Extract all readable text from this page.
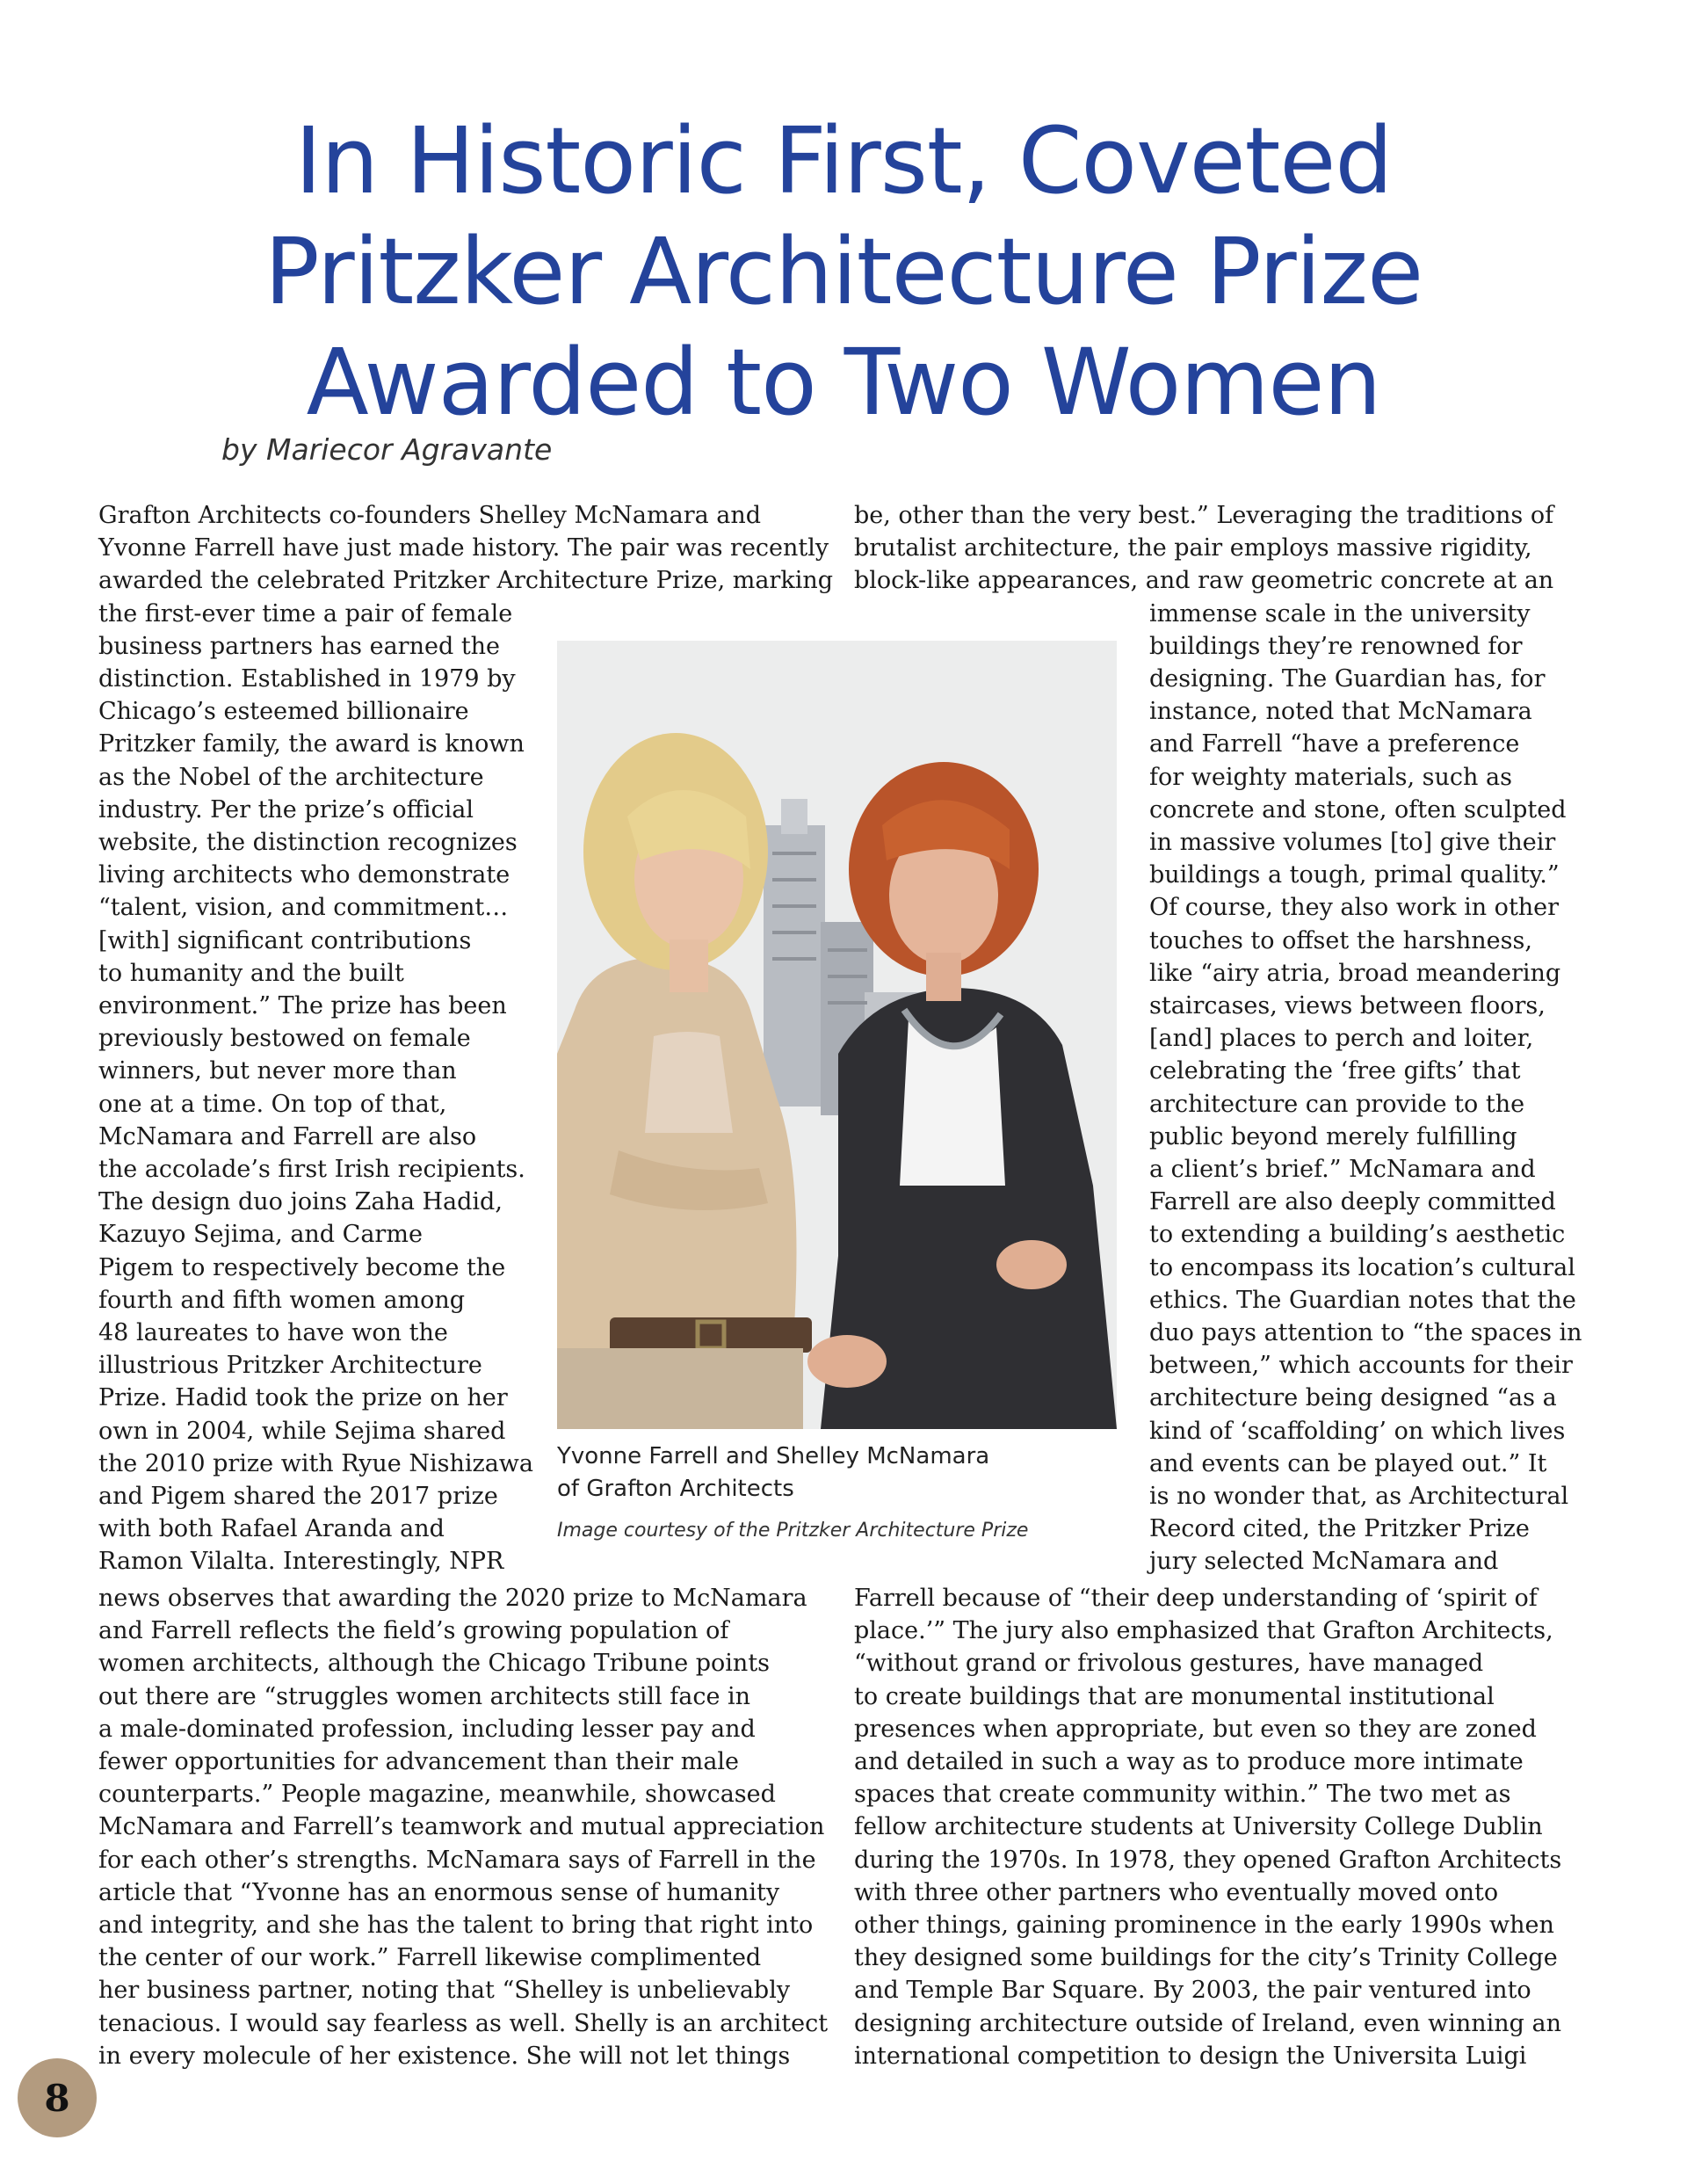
In Historic First, Coveted
Pritzker Architecture Prize
Awarded to Two Women
by Mariecor Agravante
Yvonne Farrell and Shelley McNamara
of Grafton Architects
Image courtesy of the Pritzker Architecture Prize
8
Grafton Architects co-founders Shelley McNamara and
Yvonne Farrell have just made history. The pair was recently
awarded the celebrated Pritzker Architecture Prize, marking
be, other than the very best.” Leveraging the traditions of
brutalist architecture, the pair employs massive rigidity,
block-like appearances, and raw geometric concrete at an
the first-ever time a pair of female
business partners has earned the
distinction. Established in 1979 by
Chicago’s esteemed billionaire
Pritzker family, the award is known
as the Nobel of the architecture
industry. Per the prize’s official
website, the distinction recognizes
living architects who demonstrate
“talent, vision, and commitment…
[with] significant contributions
to humanity and the built
environment.” The prize has been
previously bestowed on female
winners, but never more than
one at a time. On top of that,
McNamara and Farrell are also
the accolade’s first Irish recipients.
The design duo joins Zaha Hadid,
Kazuyo Sejima, and Carme
Pigem to respectively become the
fourth and fifth women among
48 laureates to have won the
illustrious Pritzker Architecture
Prize. Hadid took the prize on her
own in 2004, while Sejima shared
the 2010 prize with Ryue Nishizawa
and Pigem shared the 2017 prize
with both Rafael Aranda and
Ramon Vilalta. Interestingly, NPR
immense scale in the university
buildings they’re renowned for
designing. The Guardian has, for
instance, noted that McNamara
and Farrell “have a preference
for weighty materials, such as
concrete and stone, often sculpted
in massive volumes [to] give their
buildings a tough, primal quality.”
Of course, they also work in other
touches to offset the harshness,
like “airy atria, broad meandering
staircases, views between floors,
[and] places to perch and loiter,
celebrating the ‘free gifts’ that
architecture can provide to the
public beyond merely fulfilling
a client’s brief.” McNamara and
Farrell are also deeply committed
to extending a building’s aesthetic
to encompass its location’s cultural
ethics. The Guardian notes that the
duo pays attention to “the spaces in
between,” which accounts for their
architecture being designed “as a
kind of ‘scaffolding’ on which lives
and events can be played out.” It
is no wonder that, as Architectural
Record cited, the Pritzker Prize
jury selected McNamara and
news observes that awarding the 2020 prize to McNamara
and Farrell reflects the field’s growing population of
women architects, although the Chicago Tribune points
out there are “struggles women architects still face in
a male-dominated profession, including lesser pay and
fewer opportunities for advancement than their male
counterparts.” People magazine, meanwhile, showcased
McNamara and Farrell’s teamwork and mutual appreciation
for each other’s strengths. McNamara says of Farrell in the
article that “Yvonne has an enormous sense of humanity
and integrity, and she has the talent to bring that right into
the center of our work.” Farrell likewise complimented
her business partner, noting that “Shelley is unbelievably
tenacious. I would say fearless as well. Shelly is an architect
in every molecule of her existence. She will not let things
Farrell because of “their deep understanding of ‘spirit of
place.’” The jury also emphasized that Grafton Architects,
“without grand or frivolous gestures, have managed
to create buildings that are monumental institutional
presences when appropriate, but even so they are zoned
and detailed in such a way as to produce more intimate
spaces that create community within.” The two met as
fellow architecture students at University College Dublin
during the 1970s. In 1978, they opened Grafton Architects
with three other partners who eventually moved onto
other things, gaining prominence in the early 1990s when
they designed some buildings for the city’s Trinity College
and Temple Bar Square. By 2003, the pair ventured into
designing architecture outside of Ireland, even winning an
international competition to design the Universita Luigi
